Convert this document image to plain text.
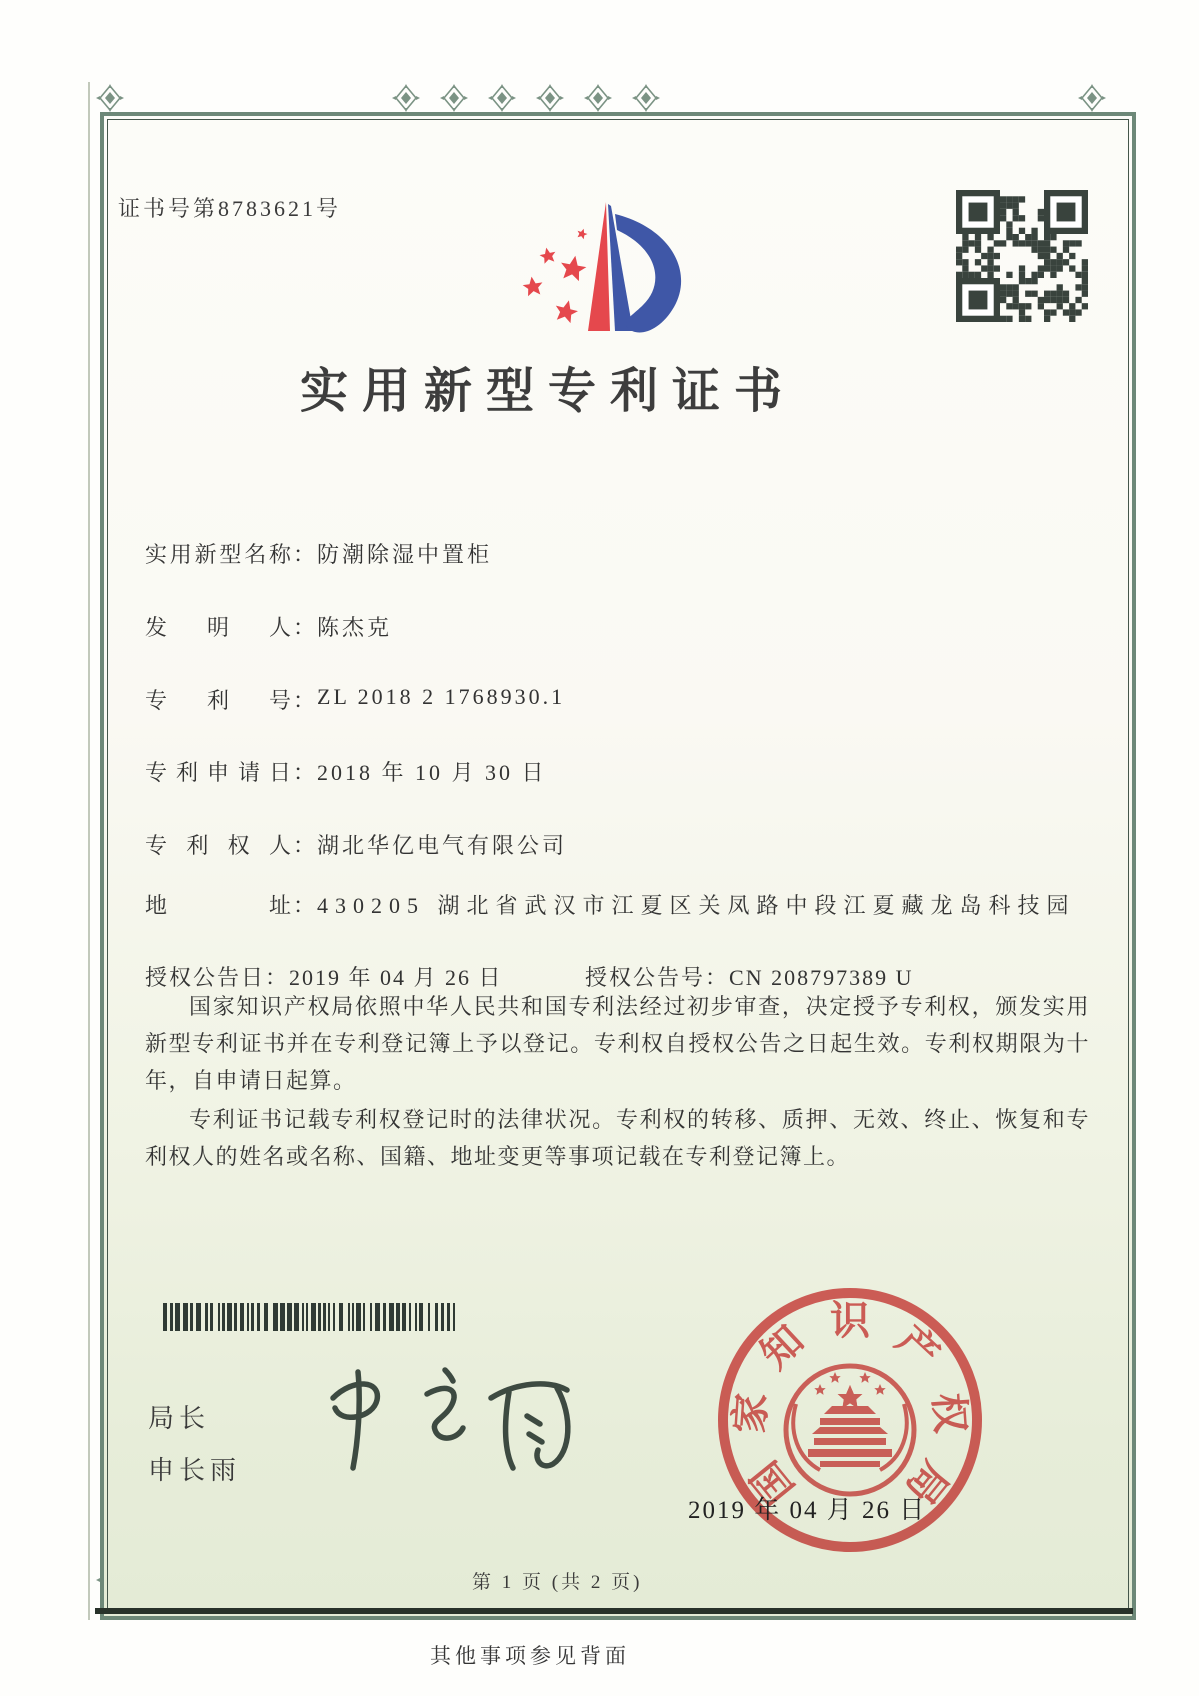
证书号第8783621号
实用新型专利证书
实用新型名称：防潮除湿中置柜
发明人：陈杰克
专利号：ZL 2018 2 1768930.1
专利申请日：2018 年 10 月 30 日
专利权人：湖北华亿电气有限公司
地址：430205 湖北省武汉市江夏区关凤路中段江夏藏龙岛科技园
授权公告日：2019 年 04 月 26 日	授权公告号：CN 208797389 U
国家知识产权局依照中华人民共和国专利法经过初步审查，决定授予专利权，颁发实用新型专利证书并在专利登记簿上予以登记。专利权自授权公告之日起生效。专利权期限为十年，自申请日起算。
专利证书记载专利权登记时的法律状况。专利权的转移、质押、无效、终止、恢复和专利权人的姓名或名称、国籍、地址变更等事项记载在专利登记簿上。
局长
申长雨	国
家
知 识 产
权
局
2019 年 04 月 26 日
第 1 页 (共 2 页)
其他事项参见背面
